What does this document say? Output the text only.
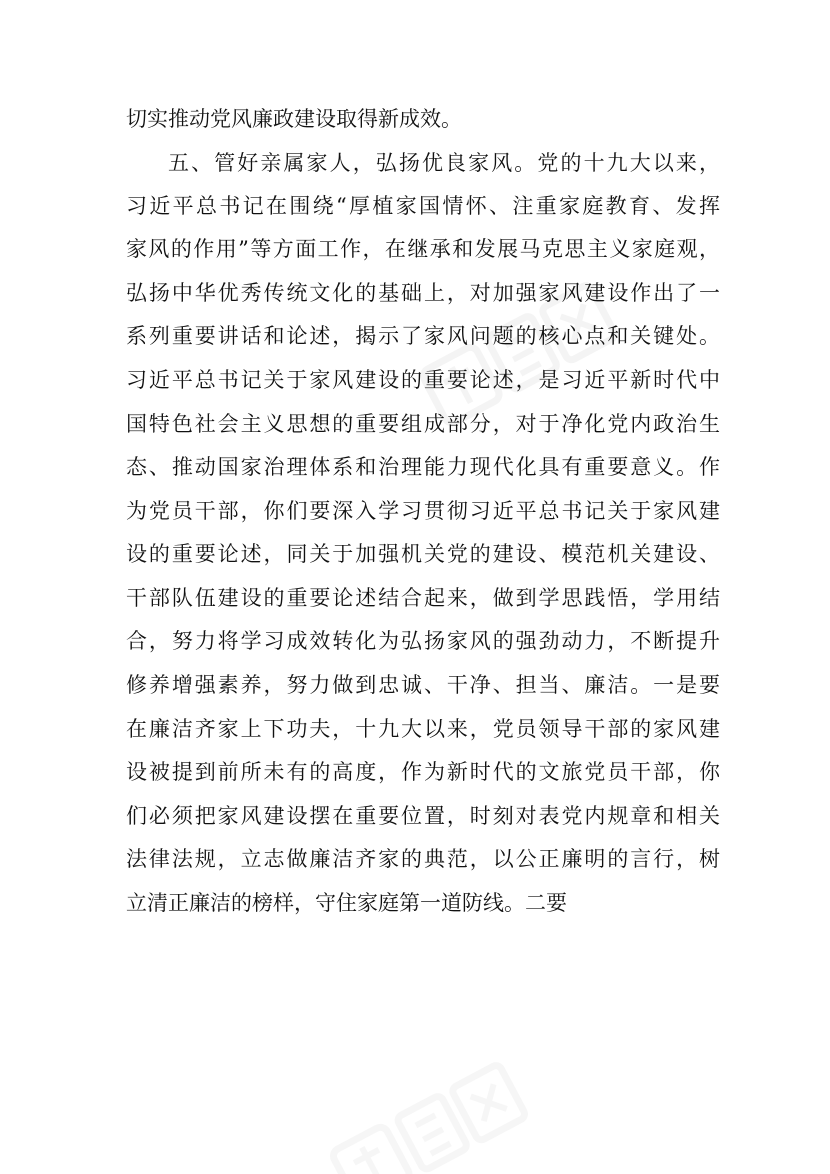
切实推动党风廉政建设取得新成效。
五、管好亲属家人，弘扬优良家风。党的十九大以来，
习近平总书记在围绕“厚植家国情怀、注重家庭教育、发挥
家风的作用”等方面工作，在继承和发展马克思主义家庭观，
弘扬中华优秀传统文化的基础上，对加强家风建设作出了一
系列重要讲话和论述，揭示了家风问题的核心点和关键处。
习近平总书记关于家风建设的重要论述，是习近平新时代中
国特色社会主义思想的重要组成部分，对于净化党内政治生
态、推动国家治理体系和治理能力现代化具有重要意义。作
为党员干部，你们要深入学习贯彻习近平总书记关于家风建
设的重要论述，同关于加强机关党的建设、模范机关建设、
干部队伍建设的重要论述结合起来，做到学思践悟，学用结
合，努力将学习成效转化为弘扬家风的强劲动力，不断提升
修养增强素养，努力做到忠诚、干净、担当、廉洁。一是要
在廉洁齐家上下功夫，十九大以来，党员领导干部的家风建
设被提到前所未有的高度，作为新时代的文旅党员干部，你
们必须把家风建设摆在重要位置，时刻对表党内规章和相关
法律法规，立志做廉洁齐家的典范，以公正廉明的言行，树
立清正廉洁的榜样，守住家庭第一道防线。二要
